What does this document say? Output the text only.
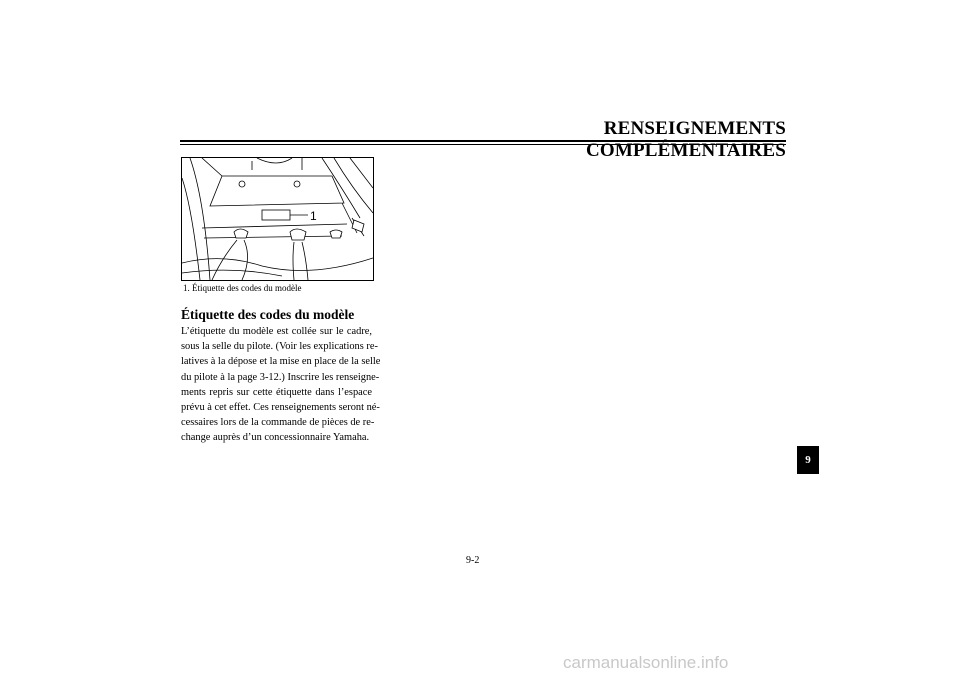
RENSEIGNEMENTS COMPLÉMENTAIRES
1
1. Étiquette des codes du modèle
Étiquette des codes du modèle
L’étiquette du modèle est collée sur le cadre,
sous la selle du pilote. (Voir les explications re-
latives à la dépose et la mise en place de la selle
du pilote à la page 3-12.) Inscrire les renseigne-
ments repris sur cette étiquette dans l’espace
prévu à cet effet. Ces renseignements seront né-
cessaires lors de la commande de pièces de re-
change auprès d’un concessionnaire Yamaha.
9
9-2
carmanualsonline.info
